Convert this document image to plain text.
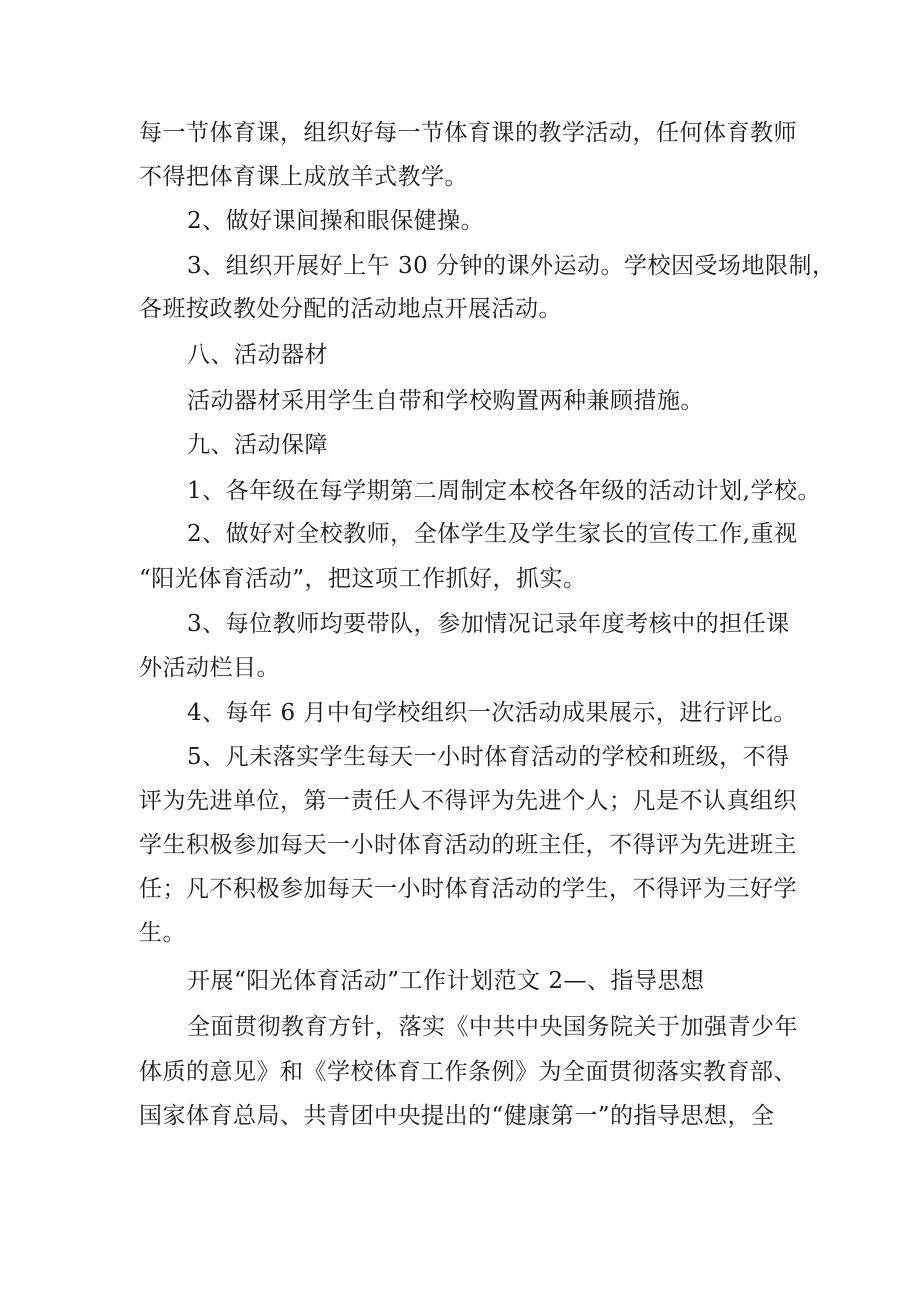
每一节体育课，组织好每一节体育课的教学活动，任何体育教师
不得把体育课上成放羊式教学。
2、做好课间操和眼保健操。
3、组织开展好上午 30 分钟的课外运动。学校因受场地限制，
各班按政教处分配的活动地点开展活动。
八、活动器材
活动器材采用学生自带和学校购置两种兼顾措施。
九、活动保障
1、各年级在每学期第二周制定本校各年级的活动计划,学校。
2、做好对全校教师，全体学生及学生家长的宣传工作,重视
“阳光体育活动”，把这项工作抓好，抓实。
3、每位教师均要带队，参加情况记录年度考核中的担任课
外活动栏目。
4、每年 6 月中旬学校组织一次活动成果展示，进行评比。
5、凡未落实学生每天一小时体育活动的学校和班级，不得
评为先进单位，第一责任人不得评为先进个人；凡是不认真组织
学生积极参加每天一小时体育活动的班主任，不得评为先进班主
任；凡不积极参加每天一小时体育活动的学生，不得评为三好学
生。
开展“阳光体育活动”工作计划范文 2—、指导思想
全面贯彻教育方针，落实《中共中央国务院关于加强青少年
体质的意见》和《学校体育工作条例》为全面贯彻落实教育部、
国家体育总局、共青团中央提出的“健康第一”的指导思想，全
